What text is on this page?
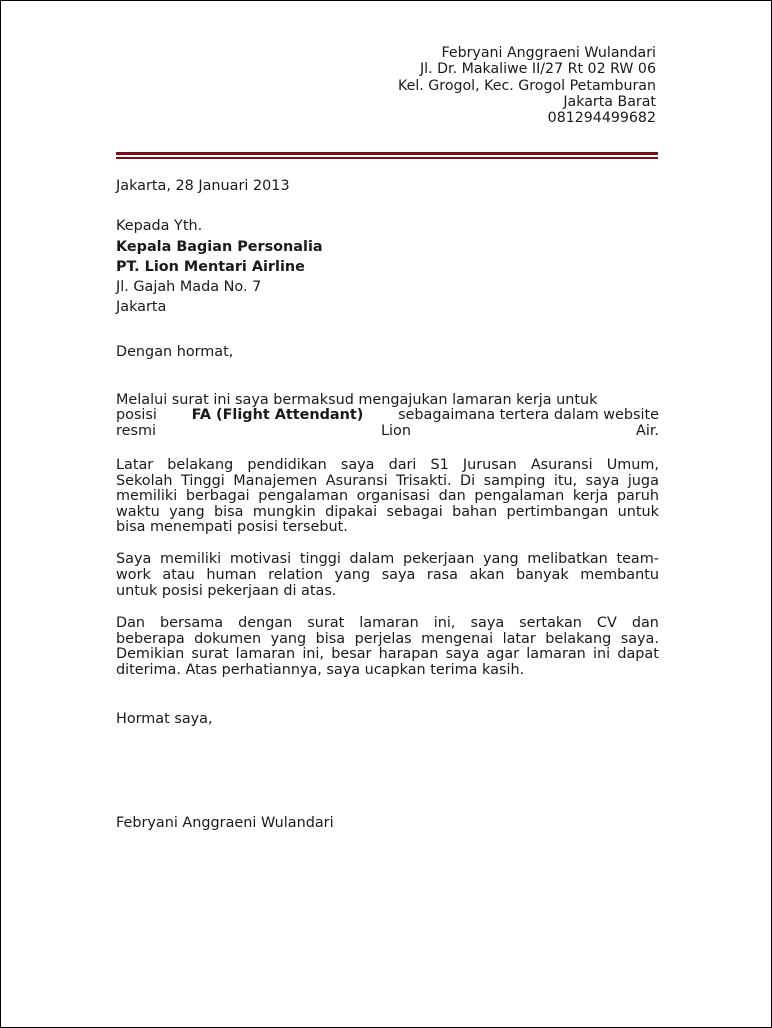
Febryani Anggraeni Wulandari
Jl. Dr. Makaliwe II/27 Rt 02 RW 06
Kel. Grogol, Kec. Grogol Petamburan
Jakarta Barat
081294499682

Jakarta, 28 Januari 2013

Kepada Yth.

Kepala Bagian Personalia

PT. Lion Mentari Airline

Jl. Gajah Mada No. 7

Jakarta

Dengan hormat,

Melalui surat ini saya bermaksud mengajukan lamaran kerja untuk
posisi FA (Flight Attendant) sebagaimana tertera dalam website
resmi	Lion	Air.
Latar belakang pendidikan saya dari S1 Jurusan Asuransi Umum,
Sekolah Tinggi Manajemen Asuransi Trisakti. Di samping itu, saya juga
memiliki berbagai pengalaman organisasi dan pengalaman kerja paruh
waktu yang bisa mungkin dipakai sebagai bahan pertimbangan untuk
bisa menempati posisi tersebut.
Saya memiliki motivasi tinggi dalam pekerjaan yang melibatkan team-
work atau human relation yang saya rasa akan banyak membantu
untuk posisi pekerjaan di atas.
Dan bersama dengan surat lamaran ini, saya sertakan CV dan
beberapa dokumen yang bisa perjelas mengenai latar belakang saya.
Demikian surat lamaran ini, besar harapan saya agar lamaran ini dapat
diterima. Atas perhatiannya, saya ucapkan terima kasih.

Hormat saya,

Febryani Anggraeni Wulandari
